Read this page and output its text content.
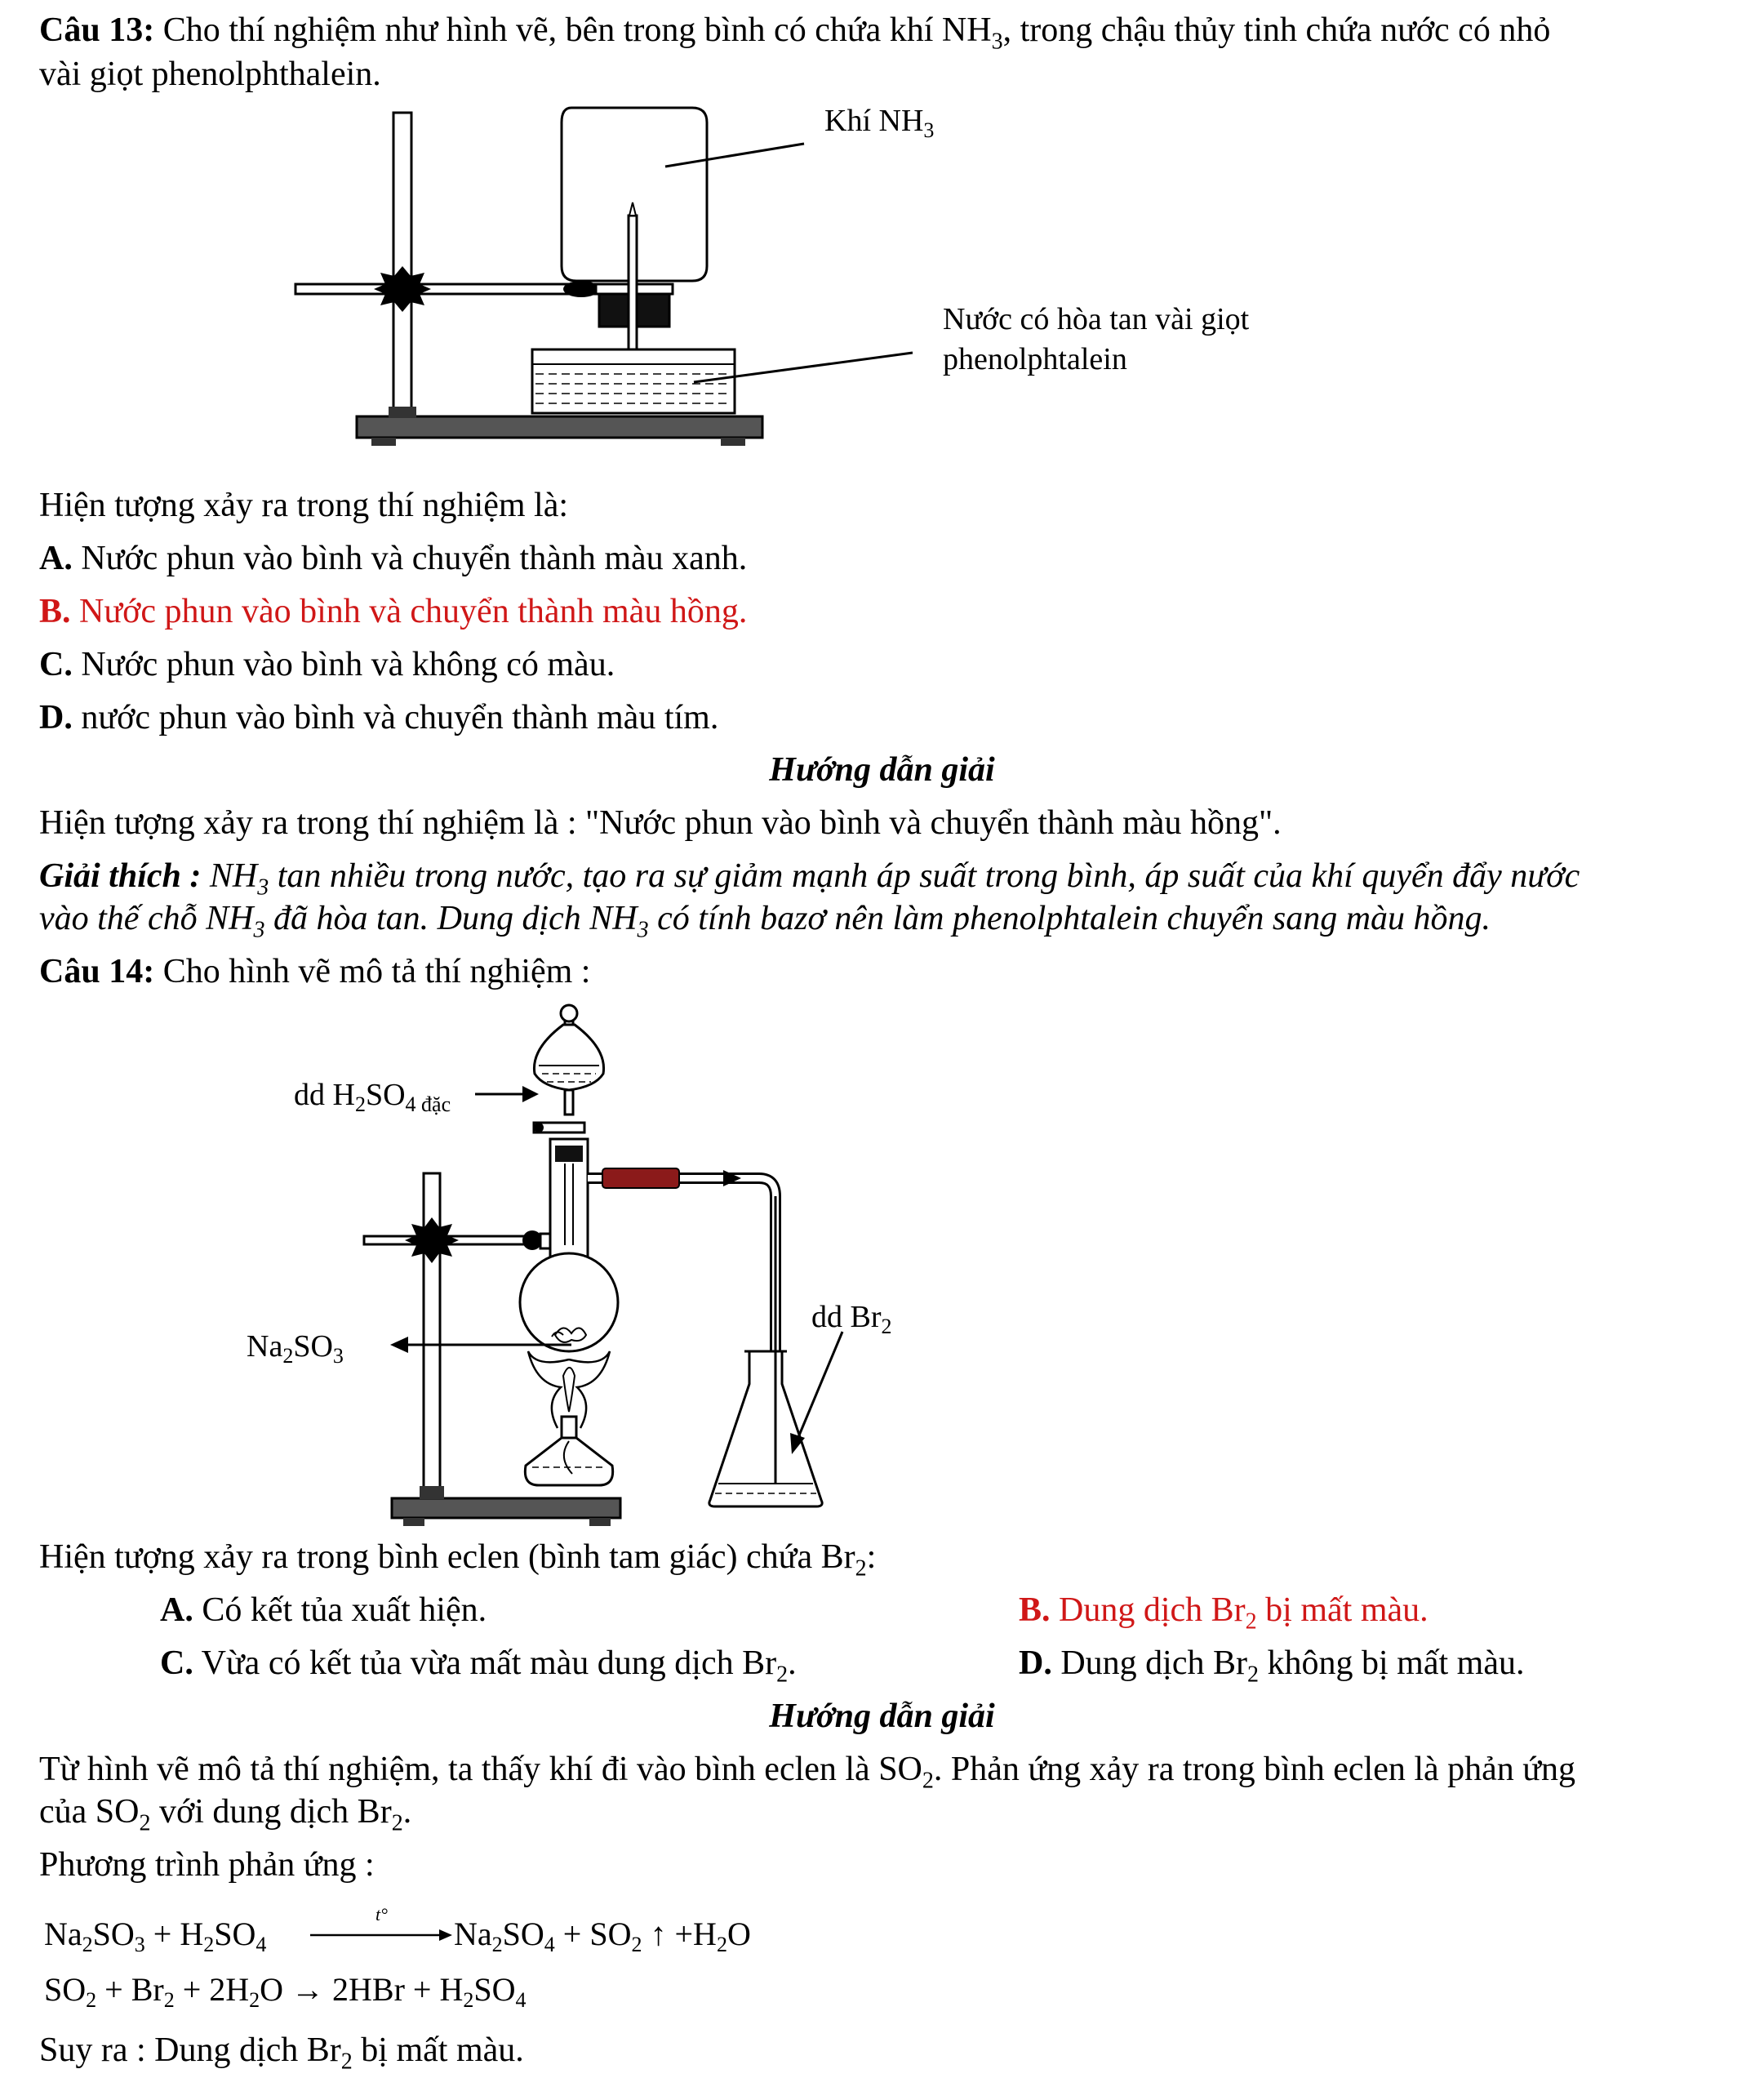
Câu 13: Cho thí nghiệm như hình vẽ, bên trong bình có chứa khí $NH_3$, trong chậu thủy tinh chứa nước có nhỏ
vài giọt phenolphthalein.
Khí $NH_3$
Nước có hòa tan vài giọt
phenolphtalein
Hiện tượng xảy ra trong thí nghiệm là:
A. Nước phun vào bình và chuyển thành màu xanh.
B. Nước phun vào bình và chuyển thành màu hồng.
C. Nước phun vào bình và không có màu.
D. nước phun vào bình và chuyển thành màu tím.
Hướng dẫn giải
Hiện tượng xảy ra trong thí nghiệm là : "Nước phun vào bình và chuyển thành màu hồng".
Giải thích : $NH_3$ tan nhiều trong nước, tạo ra sự giảm mạnh áp suất trong bình, áp suất của khí quyển đẩy nước
vào thế chỗ $NH_3$ đã hòa tan. Dung dịch $NH_3$ có tính bazơ nên làm phenolphtalein chuyển sang màu hồng.
Câu 14: Cho hình vẽ mô tả thí nghiệm :
dd $H_2SO_{4 đặc}$
$Na_2SO_3$
dd $Br_2$
Hiện tượng xảy ra trong bình eclen (bình tam giác) chứa $Br_2$:
A. Có kết tủa xuất hiện.	B. Dung dịch $Br_2$ bị mất màu.
C. Vừa có kết tủa vừa mất màu dung dịch $Br_2$.	D. Dung dịch $Br_2$ không bị mất màu.
Hướng dẫn giải
Từ hình vẽ mô tả thí nghiệm, ta thấy khí đi vào bình eclen là $SO_2$. Phản ứng xảy ra trong bình eclen là phản ứng
của $SO_2$ với dung dịch $Br_2$.
Phương trình phản ứng :
$Na_2SO_3 + H_2SO_4$
t°
$Na_2SO_4 + SO_2$ ↑ $+H_2O$
$SO_2 + Br_2 + 2H_2O \to 2HBr + H_2SO_4$
Suy ra : Dung dịch $Br_2$ bị mất màu.
